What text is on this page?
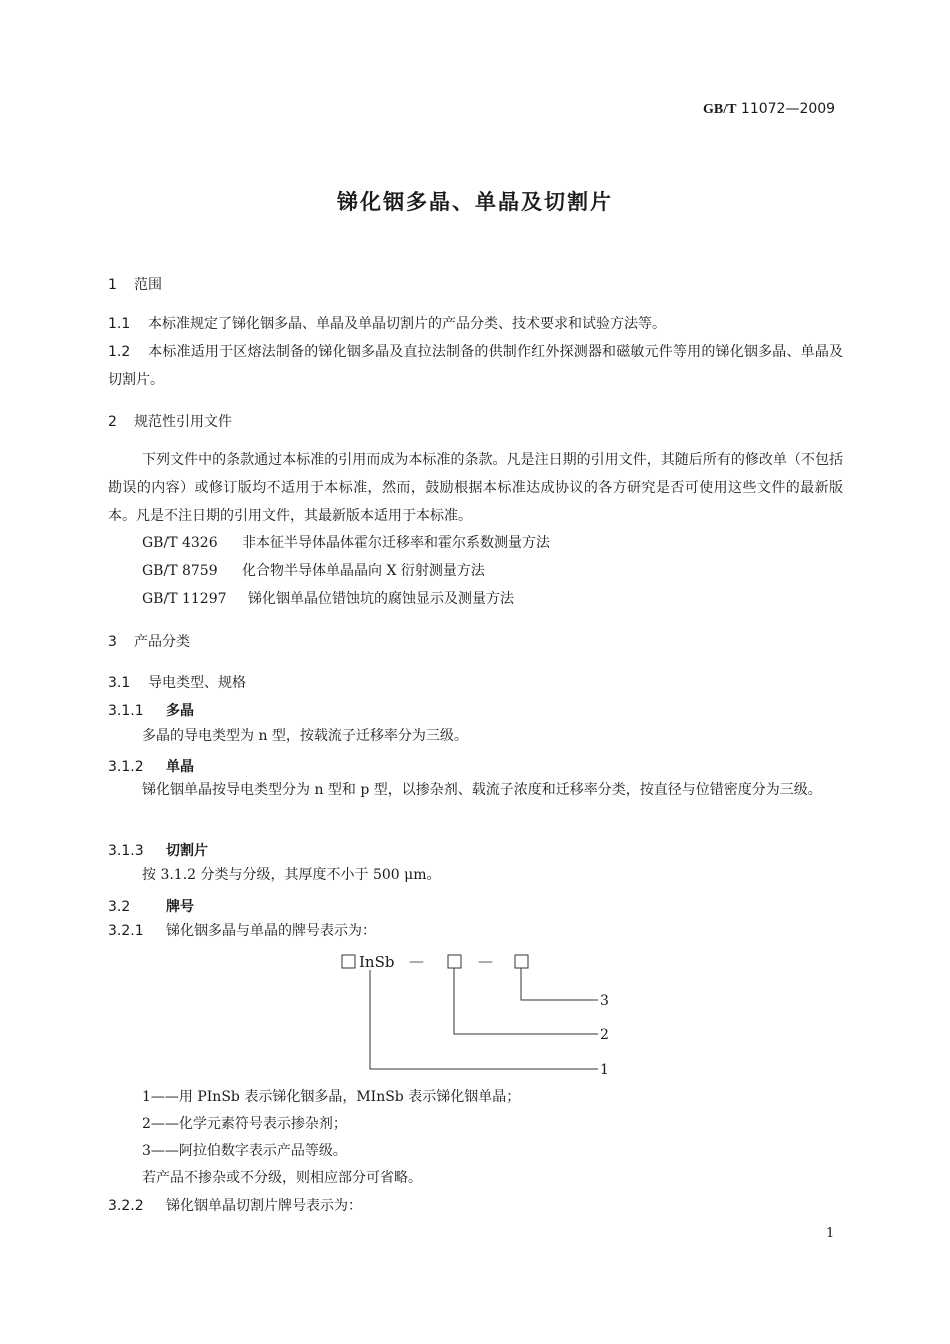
GB/T 11072—2009
锑化铟多晶、单晶及切割片
1 范围
1.1 本标准规定了锑化铟多晶、单晶及单晶切割片的产品分类、技术要求和试验方法等。
1.2 本标准适用于区熔法制备的锑化铟多晶及直拉法制备的供制作红外探测器和磁敏元件等用的锑化铟多晶、单晶及切割片。
2 规范性引用文件
下列文件中的条款通过本标准的引用而成为本标准的条款。凡是注日期的引用文件，其随后所有的修改单（不包括勘误的内容）或修订版均不适用于本标准，然而，鼓励根据本标准达成协议的各方研究是否可使用这些文件的最新版本。凡是不注日期的引用文件，其最新版本适用于本标准。
GB/T 4326 非本征半导体晶体霍尔迁移率和霍尔系数测量方法
GB/T 8759 化合物半导体单晶晶向 X 衍射测量方法
GB/T 11297 锑化铟单晶位错蚀坑的腐蚀显示及测量方法
3 产品分类
3.1 导电类型、规格
3.1.1 多晶
多晶的导电类型为 n 型，按载流子迁移率分为三级。
3.1.2 单晶
锑化铟单晶按导电类型分为 n 型和 p 型，以掺杂剂、载流子浓度和迁移率分类，按直径与位错密度分为三级。
3.1.3 切割片
按 3.1.2 分类与分级，其厚度不小于 500 μm。
3.2	牌号
3.2.1 锑化铟多晶与单晶的牌号表示为：
InSb —	—
3
2
1
1——用 PInSb 表示锑化铟多晶，MInSb 表示锑化铟单晶；
2——化学元素符号表示掺杂剂；
3——阿拉伯数字表示产品等级。
若产品不掺杂或不分级，则相应部分可省略。
3.2.2 锑化铟单晶切割片牌号表示为：
1
